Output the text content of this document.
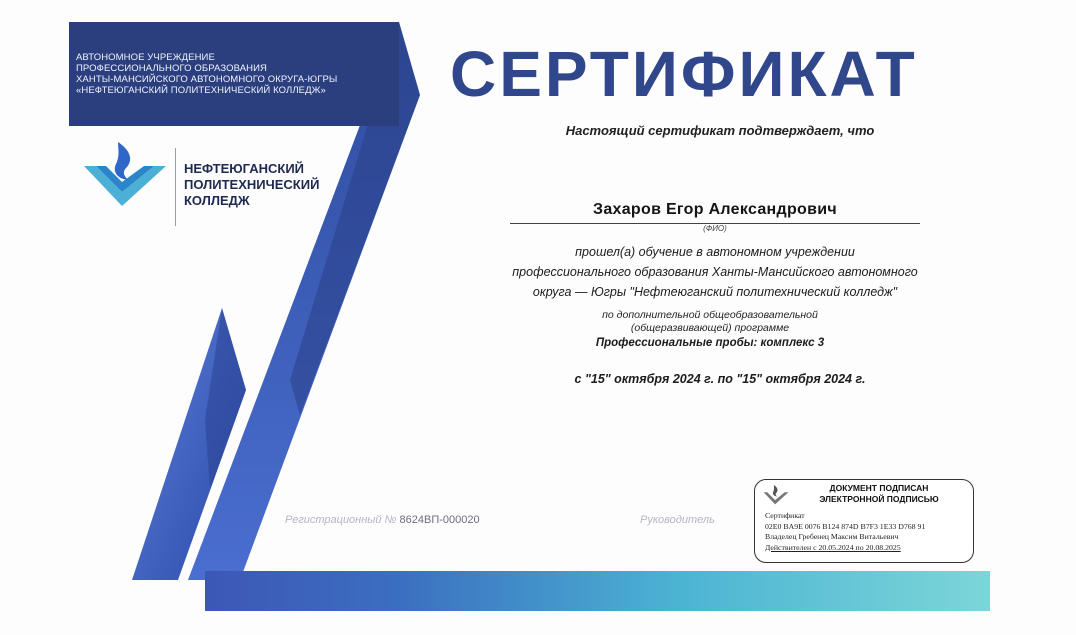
АВТОНОМНОЕ УЧРЕЖДЕНИЕ
ПРОФЕССИОНАЛЬНОГО ОБРАЗОВАНИЯ
ХАНТЫ-МАНСИЙСКОГО АВТОНОМНОГО ОКРУГА-ЮГРЫ
«НЕФТЕЮГАНСКИЙ ПОЛИТЕХНИЧЕСКИЙ КОЛЛЕДЖ»
НЕФТЕЮГАНСКИЙ
ПОЛИТЕХНИЧЕСКИЙ
КОЛЛЕДЖ
СЕРТИФИКАТ
Настоящий сертификат подтверждает, что
Захаров Егор Александрович
(ФИО)
прошел(а) обучение в автономном учреждении
профессионального образования Ханты-Мансийского автономного
округа — Югры "Нефтеюганский политехнический колледж"
по дополнительной общеобразовательной
(общеразвивающей) программе
Профессиональные пробы: комплекс 3
с "15" октября 2024 г. по "15" октября 2024 г.
Регистрационный № 8624ВП-000020	Руководитель
ДОКУМЕНТ ПОДПИСАН
ЭЛЕКТРОННОЙ ПОДПИСЬЮ
Сертификат
02E0 BA9E 0076 B124 874D B7F3 1E33 D768 91
Владелец Гребенец Максим Витальевич
Действителен с 20.05.2024 по 20.08.2025
